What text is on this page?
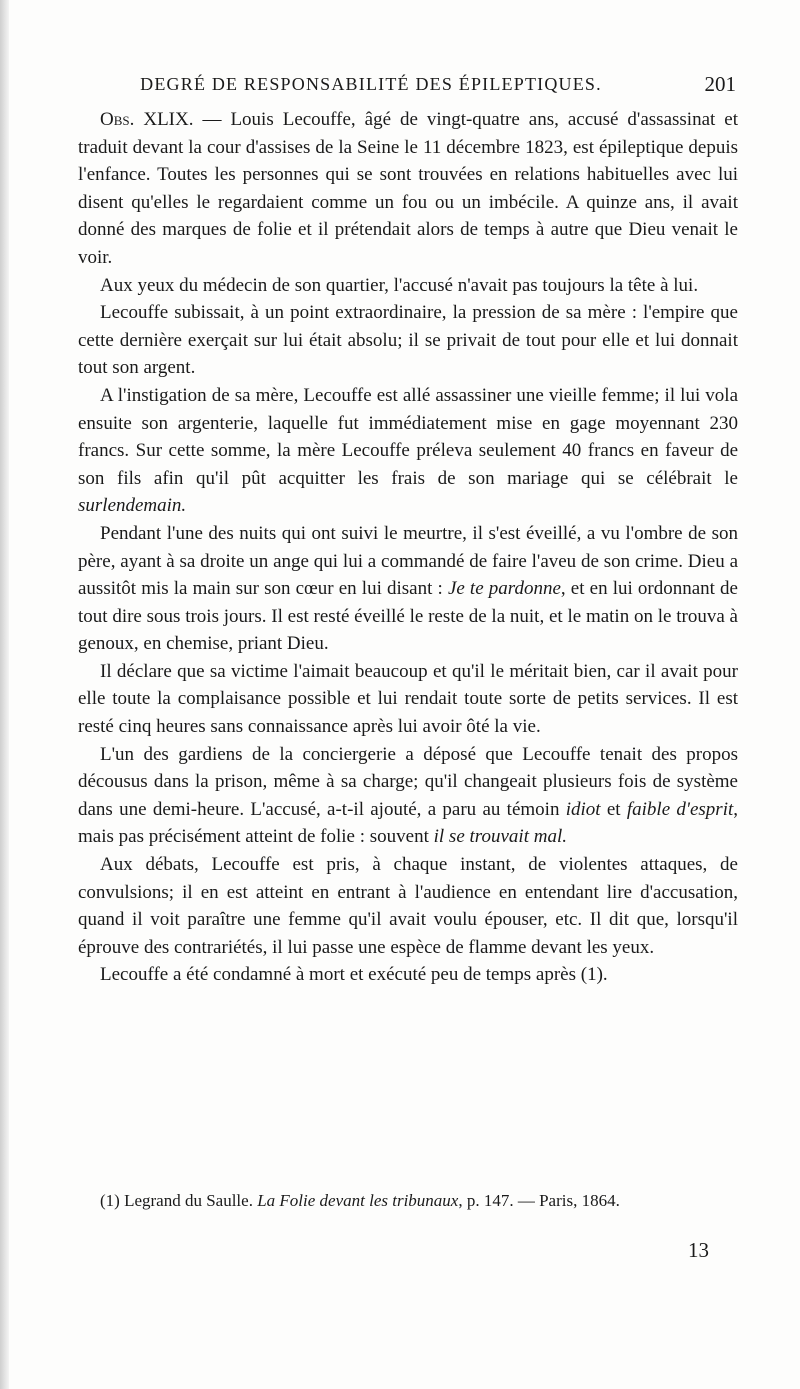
DEGRÉ DE RESPONSABILITÉ DES ÉPILEPTIQUES.	201

Obs. XLIX. — Louis Lecouffe, âgé de vingt-quatre ans, accusé d'assassinat et traduit devant la cour d'assises de la Seine le 11 décembre 1823, est épileptique depuis l'enfance. Toutes les personnes qui se sont trouvées en relations habituelles avec lui disent qu'elles le regardaient comme un fou ou un imbécile. A quinze ans, il avait donné des marques de folie et il prétendait alors de temps à autre que Dieu venait le voir.

Aux yeux du médecin de son quartier, l'accusé n'avait pas toujours la tête à lui.

Lecouffe subissait, à un point extraordinaire, la pression de sa mère : l'empire que cette dernière exerçait sur lui était absolu; il se privait de tout pour elle et lui donnait tout son argent.

A l'instigation de sa mère, Lecouffe est allé assassiner une vieille femme; il lui vola ensuite son argenterie, laquelle fut immédiatement mise en gage moyennant 230 francs. Sur cette somme, la mère Lecouffe préleva seulement 40 francs en faveur de son fils afin qu'il pût acquitter les frais de son mariage qui se célébrait le surlendemain.

Pendant l'une des nuits qui ont suivi le meurtre, il s'est éveillé, a vu l'ombre de son père, ayant à sa droite un ange qui lui a commandé de faire l'aveu de son crime. Dieu a aussitôt mis la main sur son cœur en lui disant : Je te pardonne, et en lui ordonnant de tout dire sous trois jours. Il est resté éveillé le reste de la nuit, et le matin on le trouva à genoux, en chemise, priant Dieu.

Il déclare que sa victime l'aimait beaucoup et qu'il le méritait bien, car il avait pour elle toute la complaisance possible et lui rendait toute sorte de petits services. Il est resté cinq heures sans connaissance après lui avoir ôté la vie.

L'un des gardiens de la conciergerie a déposé que Lecouffe tenait des propos décousus dans la prison, même à sa charge; qu'il changeait plusieurs fois de système dans une demi-heure. L'accusé, a-t-il ajouté, a paru au témoin idiot et faible d'esprit, mais pas précisément atteint de folie : souvent il se trouvait mal.

Aux débats, Lecouffe est pris, à chaque instant, de violentes attaques, de convulsions; il en est atteint en entrant à l'audience en entendant lire d'accusation, quand il voit paraître une femme qu'il avait voulu épouser, etc. Il dit que, lorsqu'il éprouve des contrariétés, il lui passe une espèce de flamme devant les yeux.

Lecouffe a été condamné à mort et exécuté peu de temps après (1).

(1) Legrand du Saulle. La Folie devant les tribunaux, p. 147. — Paris, 1864.

13
